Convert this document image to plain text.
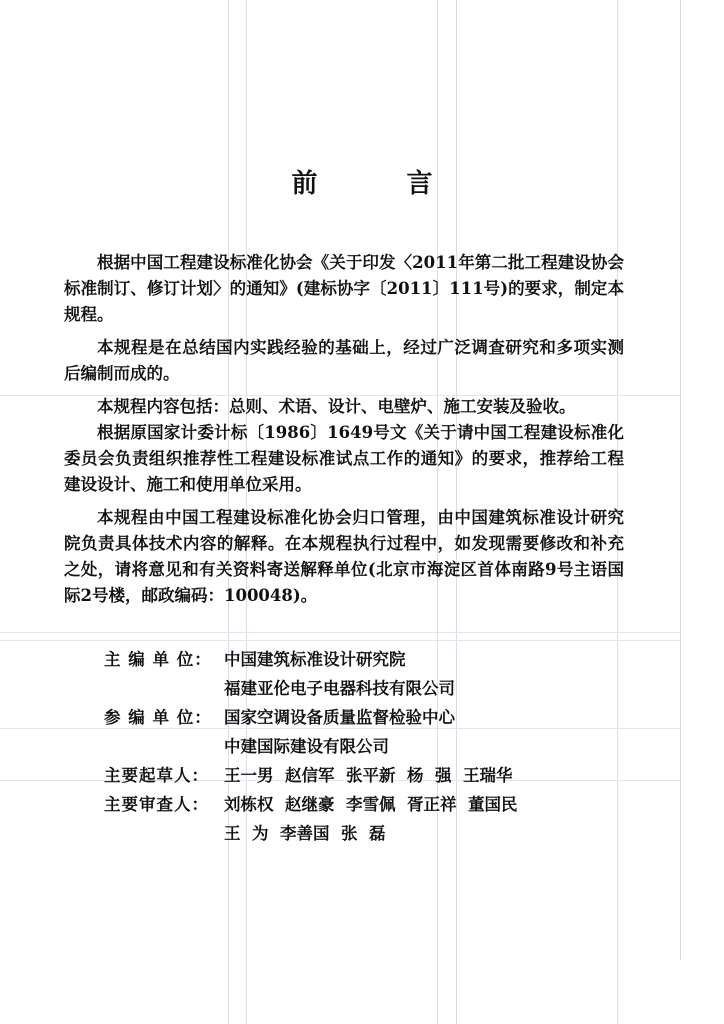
前 言

根据中国工程建设标准化协会《关于印发〈2011年第二批工程建设协会标准制订、修订计划〉的通知》(建标协字〔2011〕111号)的要求，制定本规程。

本规程是在总结国内实践经验的基础上，经过广泛调查研究和多项实测后编制而成的。

本规程内容包括：总则、术语、设计、电壁炉、施工安装及验收。

根据原国家计委计标〔1986〕1649号文《关于请中国工程建设标准化委员会负责组织推荐性工程建设标准试点工作的通知》的要求，推荐给工程建设设计、施工和使用单位采用。

本规程由中国工程建设标准化协会归口管理，由中国建筑标准设计研究院负责具体技术内容的解释。在本规程执行过程中，如发现需要修改和补充之处，请将意见和有关资料寄送解释单位(北京市海淀区首体南路9号主语国际2号楼，邮政编码：100048)。

主 编 单 位： 中国建筑标准设计研究院
福建亚伦电子电器科技有限公司
参 编 单 位： 国家空调设备质量监督检验中心
中建国际建设有限公司
主要起草人： 王一男  赵信军  张平新  杨  强  王瑞华
主要审查人： 刘栋权  赵继豪  李雪佩  胥正祥  董国民
王  为  李善国  张  磊
